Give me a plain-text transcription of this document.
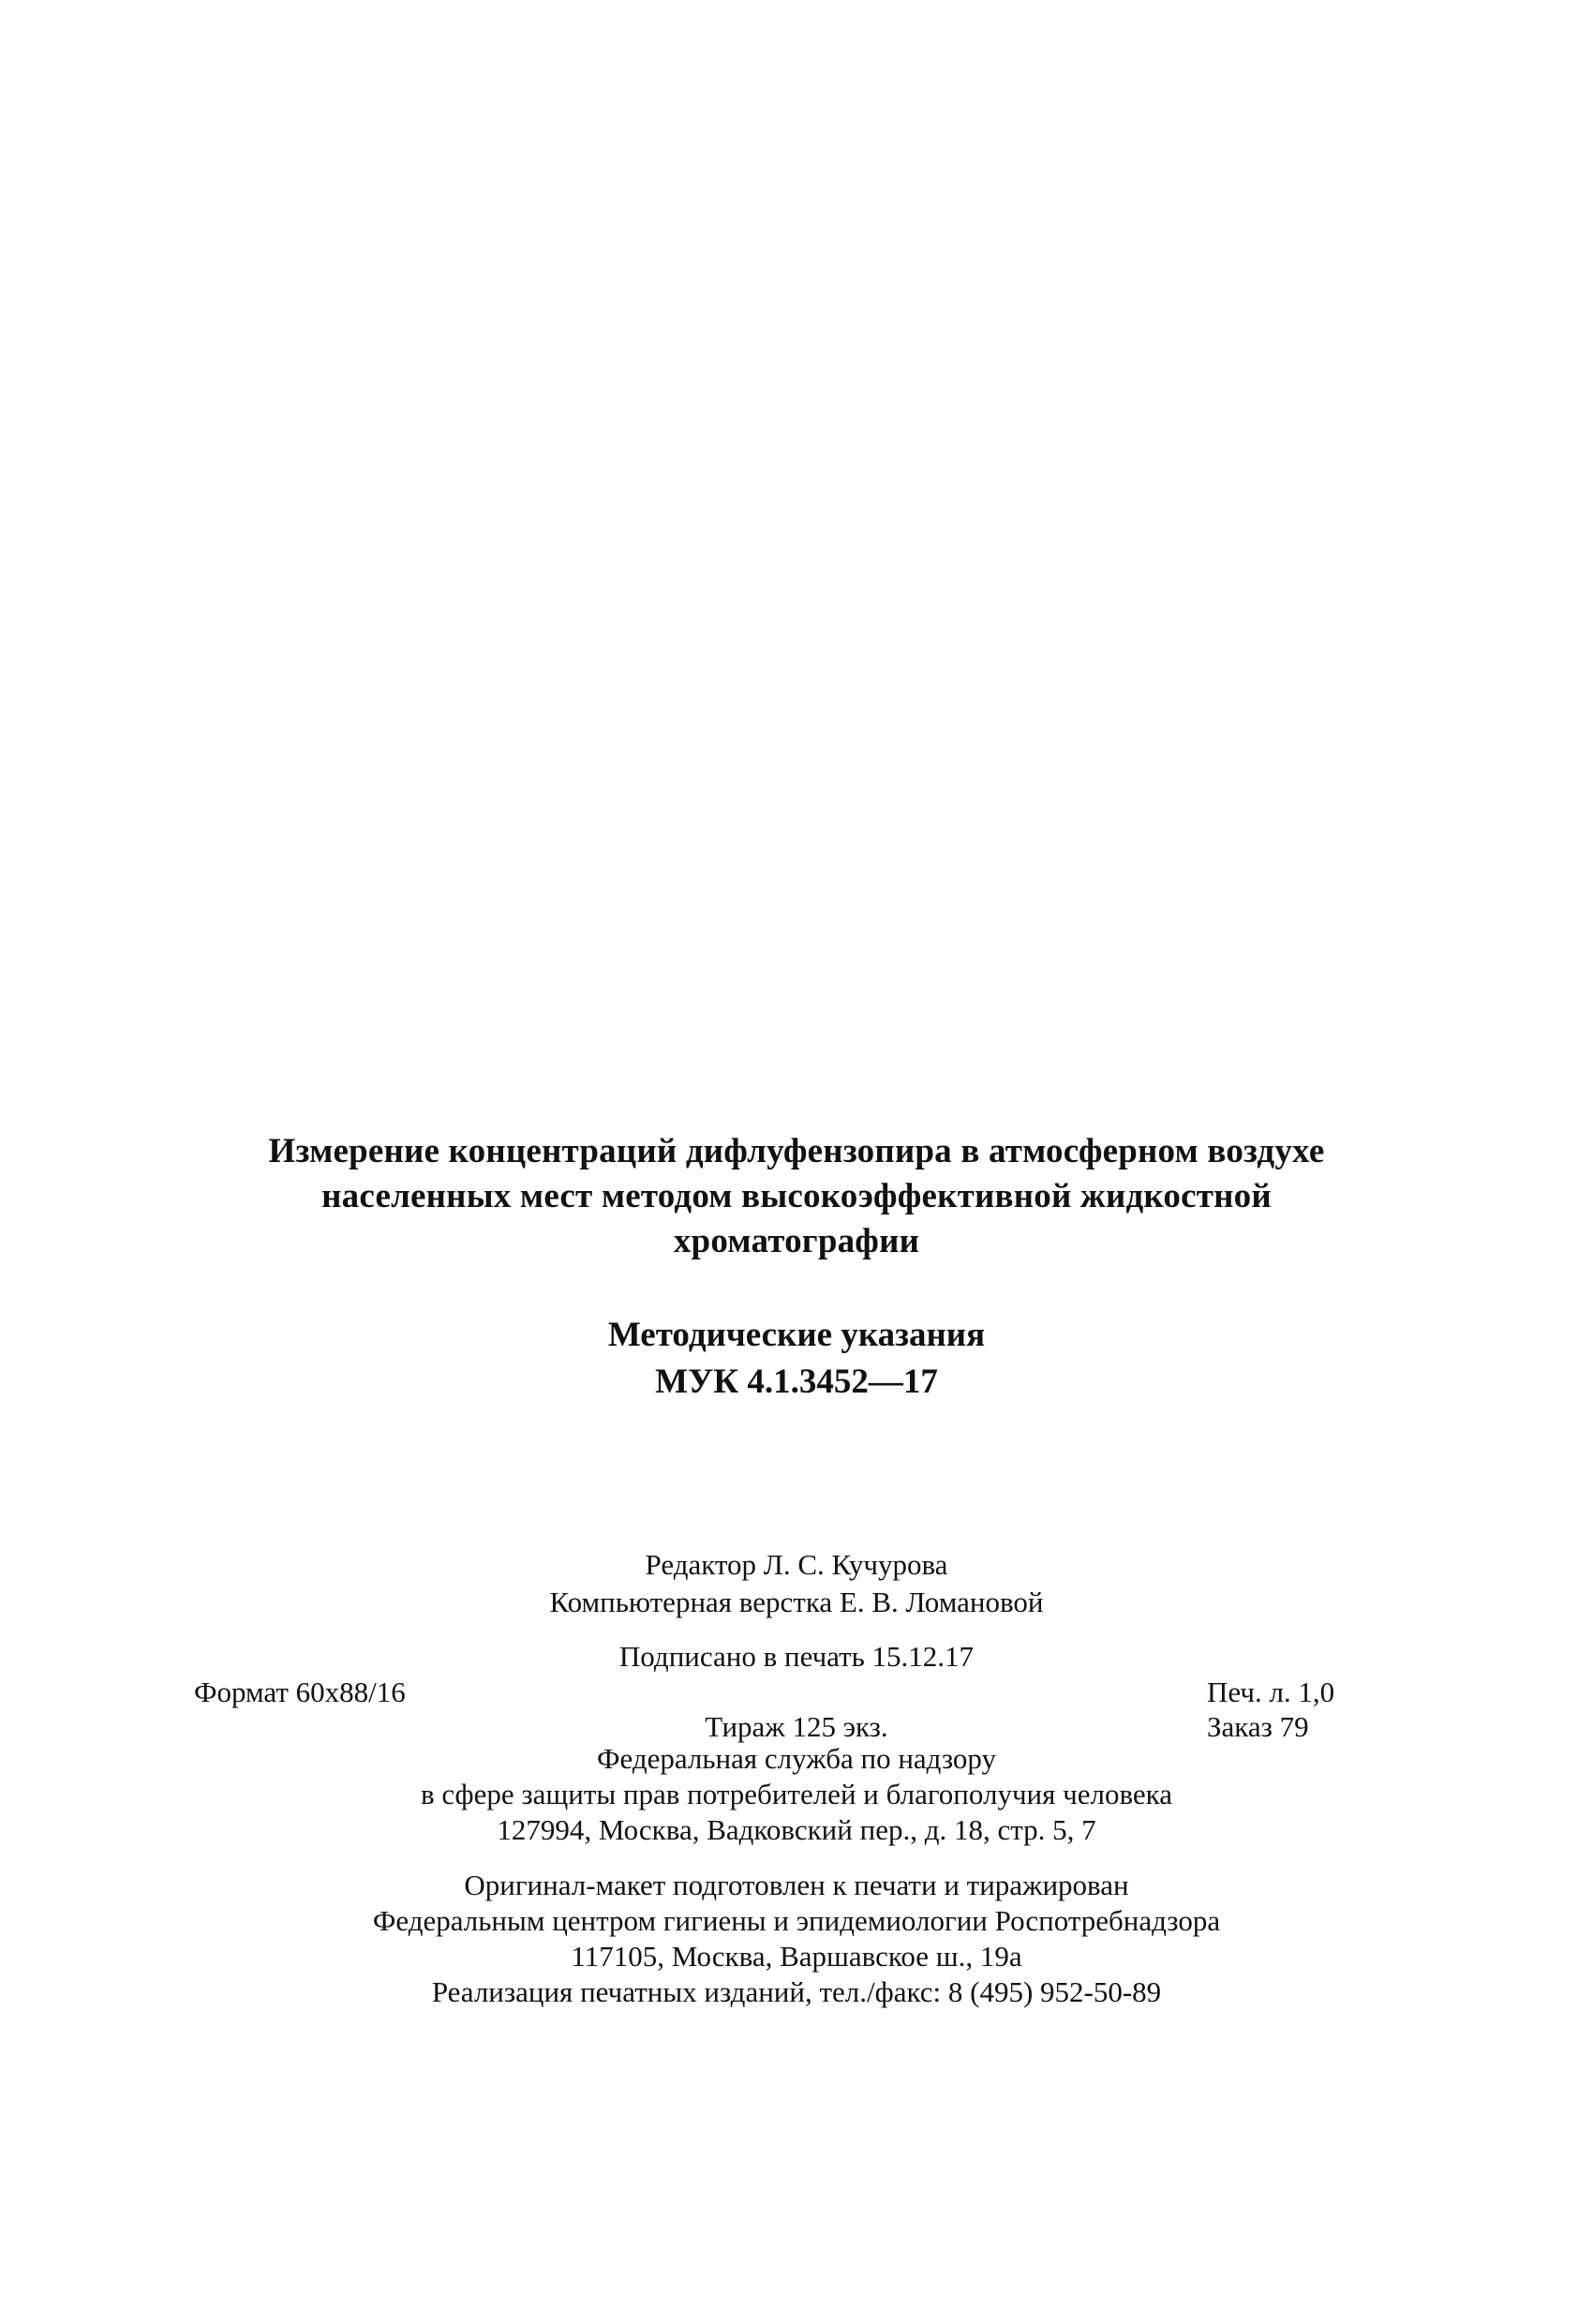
Измерение концентраций дифлуфензопира в атмосферном воздухе
населенных мест методом высокоэффективной жидкостной
хроматографии
Методические указания
МУК 4.1.3452—17
Редактор Л. С. Кучурова
Компьютерная верстка Е. В. Ломановой
Подписано в печать 15.12.17
Формат 60х88/16	Печ. л. 1,0
Тираж 125 экз.	Заказ 79
Федеральная служба по надзору
в сфере защиты прав потребителей и благополучия человека
127994, Москва, Вадковский пер., д. 18, стр. 5, 7
Оригинал-макет подготовлен к печати и тиражирован
Федеральным центром гигиены и эпидемиологии Роспотребнадзора
117105, Москва, Варшавское ш., 19а
Реализация печатных изданий, тел./факс: 8 (495) 952-50-89
